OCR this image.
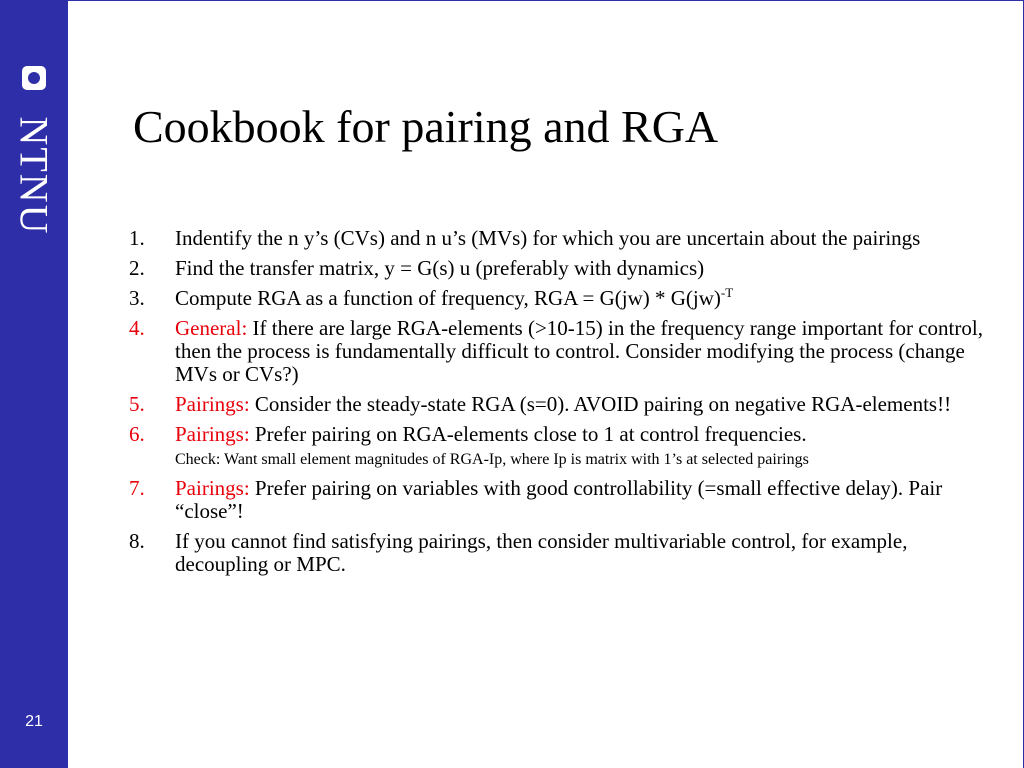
NTNU
21
Cookbook for pairing and RGA
1. Indentify the n y’s (CVs) and n u’s (MVs) for which you are uncertain about the pairings
2. Find the transfer matrix, y = G(s) u (preferably with dynamics)
3. Compute RGA as a function of frequency, RGA = G(jw) * G(jw)$^{-T}$
4. General: If there are large RGA-elements (>10-15) in the frequency range important for control, then the process is fundamentally difficult to control. Consider modifying the process (change MVs or CVs?)
5. Pairings: Consider the steady-state RGA (s=0). AVOID pairing on negative RGA-elements!!
6. Pairings: Prefer pairing on RGA-elements close to 1 at control frequencies.
Check: Want small element magnitudes of RGA-Ip, where Ip is matrix with 1’s at selected pairings
7. Pairings: Prefer pairing on variables with good controllability (=small effective delay). Pair “close”!
8. If you cannot find satisfying pairings, then consider multivariable control, for example, decoupling or MPC.
